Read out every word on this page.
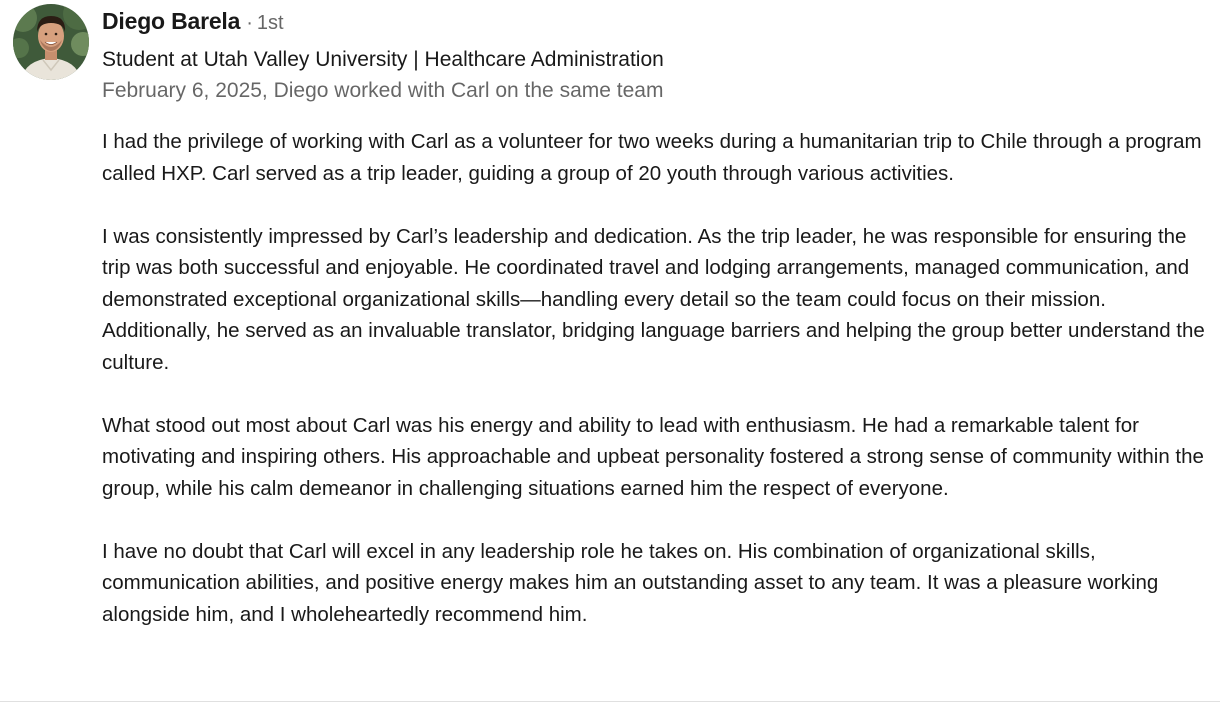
Diego Barela · 1st
Student at Utah Valley University | Healthcare Administration
February 6, 2025, Diego worked with Carl on the same team

I had the privilege of working with Carl as a volunteer for two weeks during a humanitarian trip to Chile through a program called HXP. Carl served as a trip leader, guiding a group of 20 youth through various activities.

I was consistently impressed by Carl’s leadership and dedication. As the trip leader, he was responsible for ensuring the trip was both successful and enjoyable. He coordinated travel and lodging arrangements, managed communication, and demonstrated exceptional organizational skills—handling every detail so the team could focus on their mission. Additionally, he served as an invaluable translator, bridging language barriers and helping the group better understand the culture.

What stood out most about Carl was his energy and ability to lead with enthusiasm. He had a remarkable talent for motivating and inspiring others. His approachable and upbeat personality fostered a strong sense of community within the group, while his calm demeanor in challenging situations earned him the respect of everyone.

I have no doubt that Carl will excel in any leadership role he takes on. His combination of organizational skills, communication abilities, and positive energy makes him an outstanding asset to any team. It was a pleasure working alongside him, and I wholeheartedly recommend him.
